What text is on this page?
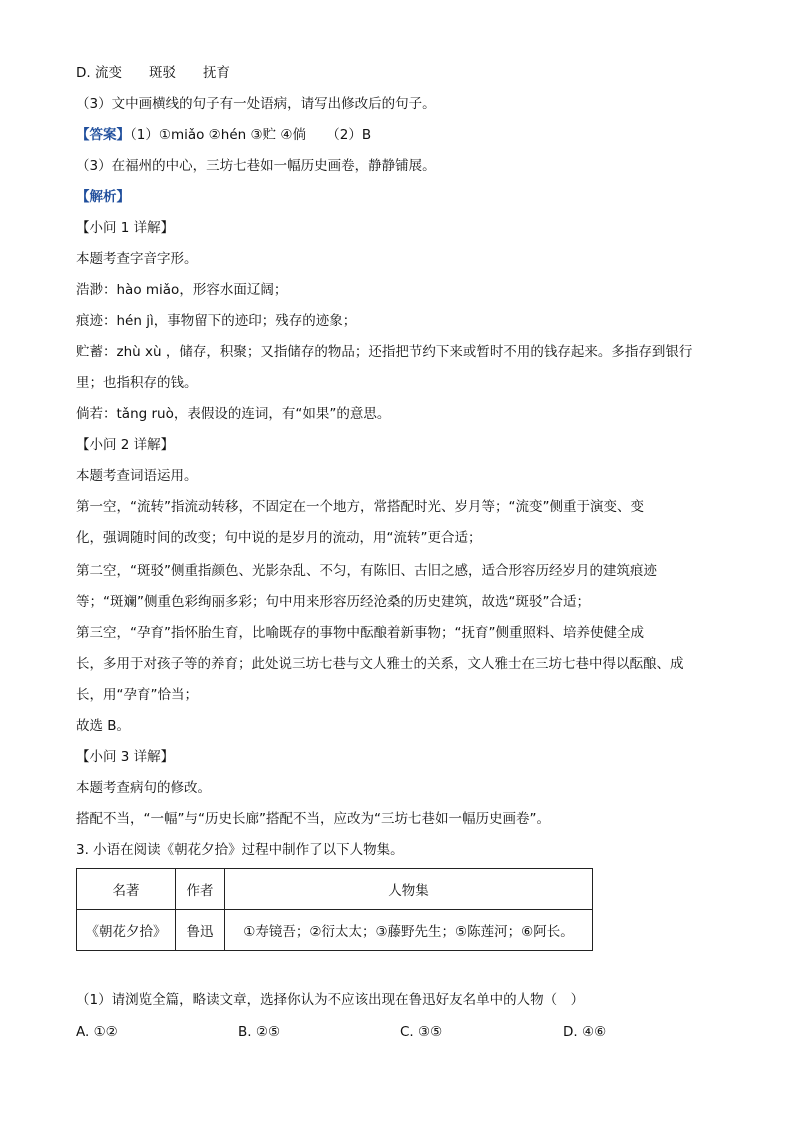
D. 流变　　斑驳　　抚育
（3）文中画横线的句子有一处语病，请写出修改后的句子。
【答案】（1）①miǎo ②hén ③贮 ④倘　　（2）B
（3）在福州的中心，三坊七巷如一幅历史画卷，静静铺展。
【解析】
【小问 1 详解】
本题考查字音字形。
浩渺：hào miǎo，形容水面辽阔；
痕迹：hén jì，事物留下的迹印；残存的迹象；
贮蓄：zhù xù ，储存，积聚；又指储存的物品；还指把节约下来或暂时不用的钱存起来。多指存到银行
里；也指积存的钱。
倘若：tǎng ruò，表假设的连词，有“如果”的意思。
【小问 2 详解】
本题考查词语运用。
第一空，“流转”指流动转移，不固定在一个地方，常搭配时光、岁月等；“流变”侧重于演变、变
化，强调随时间的改变；句中说的是岁月的流动，用“流转”更合适；
第二空，“斑驳”侧重指颜色、光影杂乱、不匀，有陈旧、古旧之感，适合形容历经岁月的建筑痕迹
等；“斑斓”侧重色彩绚丽多彩；句中用来形容历经沧桑的历史建筑，故选“斑驳”合适；
第三空，“孕育”指怀胎生育，比喻既存的事物中酝酿着新事物；“抚育”侧重照料、培养使健全成
长，多用于对孩子等的养育；此处说三坊七巷与文人雅士的关系，文人雅士在三坊七巷中得以酝酿、成
长，用“孕育”恰当；
故选 B。
【小问 3 详解】
本题考查病句的修改。
搭配不当，“一幅”与“历史长廊”搭配不当，应改为“三坊七巷如一幅历史画卷”。
3. 小语在阅读《朝花夕拾》过程中制作了以下人物集。
名著	作者	人物集
《朝花夕拾》	鲁迅	①寿镜吾；②衍太太；③藤野先生；⑤陈莲河；⑥阿长。
（1）请浏览全篇，略读文章，选择你认为不应该出现在鲁迅好友名单中的人物（　）
A. ①②	B. ②⑤	C. ③⑤	D. ④⑥
